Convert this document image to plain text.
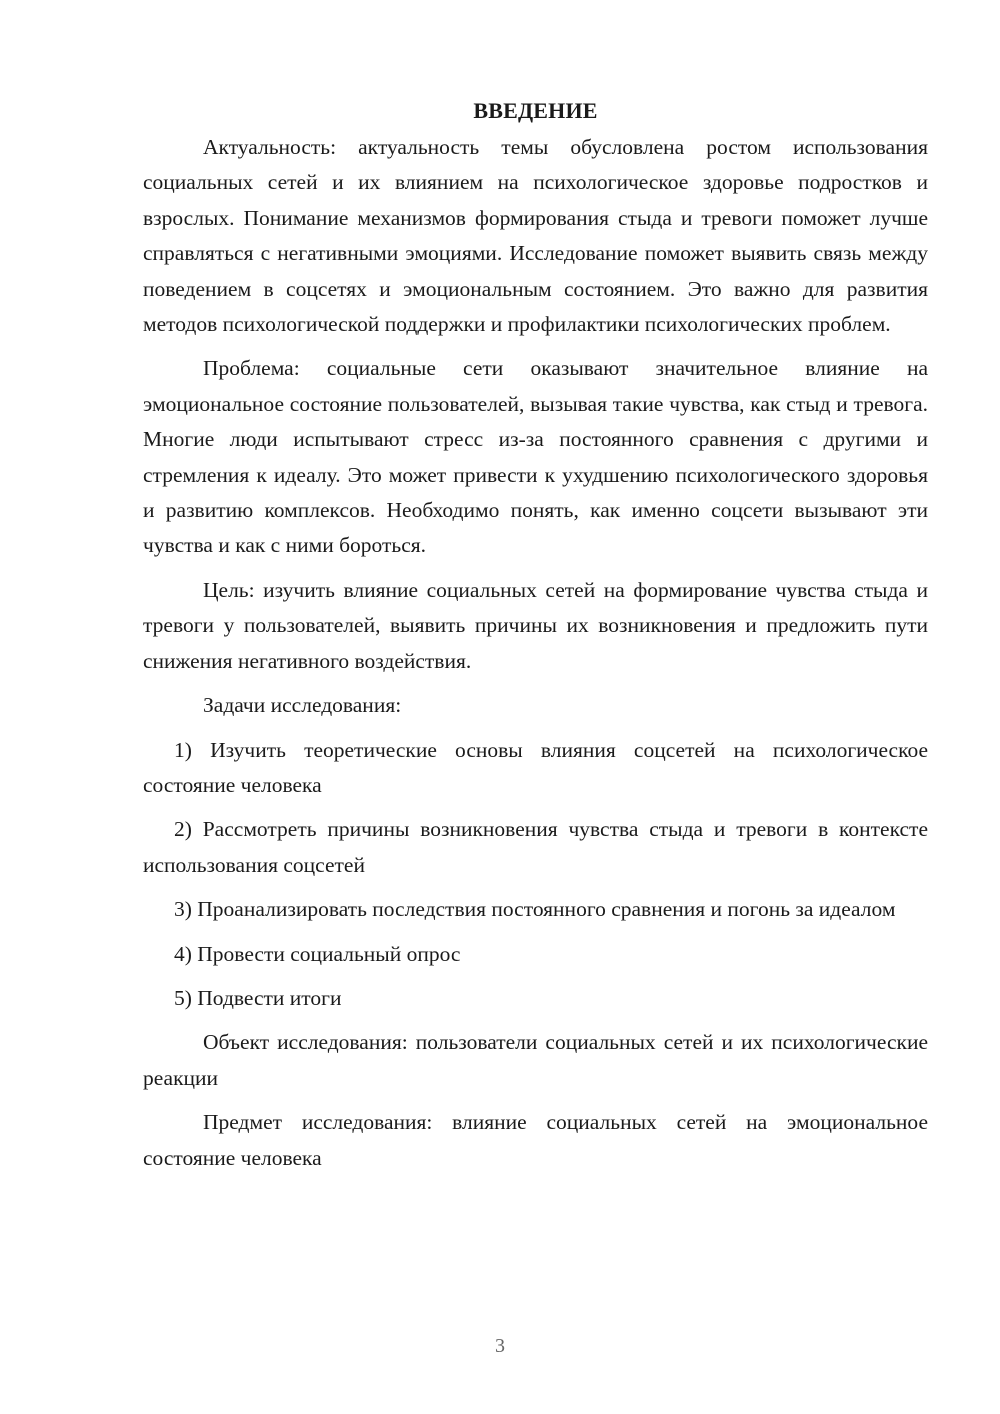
ВВЕДЕНИЕ

Актуальность: актуальность темы обусловлена ростом использования социальных сетей и их влиянием на психологическое здоровье подростков и взрослых. Понимание механизмов формирования стыда и тревоги поможет лучше справляться с негативными эмоциями. Исследование поможет выявить связь между поведением в соцсетях и эмоциональным состоянием. Это важно для развития методов психологической поддержки и профилактики психологических проблем.

Проблема: социальные сети оказывают значительное влияние на эмоциональное состояние пользователей, вызывая такие чувства, как стыд и тревога. Многие люди испытывают стресс из-за постоянного сравнения с другими и стремления к идеалу. Это может привести к ухудшению психологического здоровья и развитию комплексов. Необходимо понять, как именно соцсети вызывают эти чувства и как с ними бороться.

Цель: изучить влияние социальных сетей на формирование чувства стыда и тревоги у пользователей, выявить причины их возникновения и предложить пути снижения негативного воздействия.

Задачи исследования:

1) Изучить теоретические основы влияния соцсетей на психологическое состояние человека

2) Рассмотреть причины возникновения чувства стыда и тревоги в контексте использования соцсетей

3) Проанализировать последствия постоянного сравнения и погонь за идеалом

4) Провести социальный опрос

5) Подвести итоги

Объект исследования: пользователи социальных сетей и их психологические реакции

Предмет исследования: влияние социальных сетей на эмоциональное состояние человека

3
